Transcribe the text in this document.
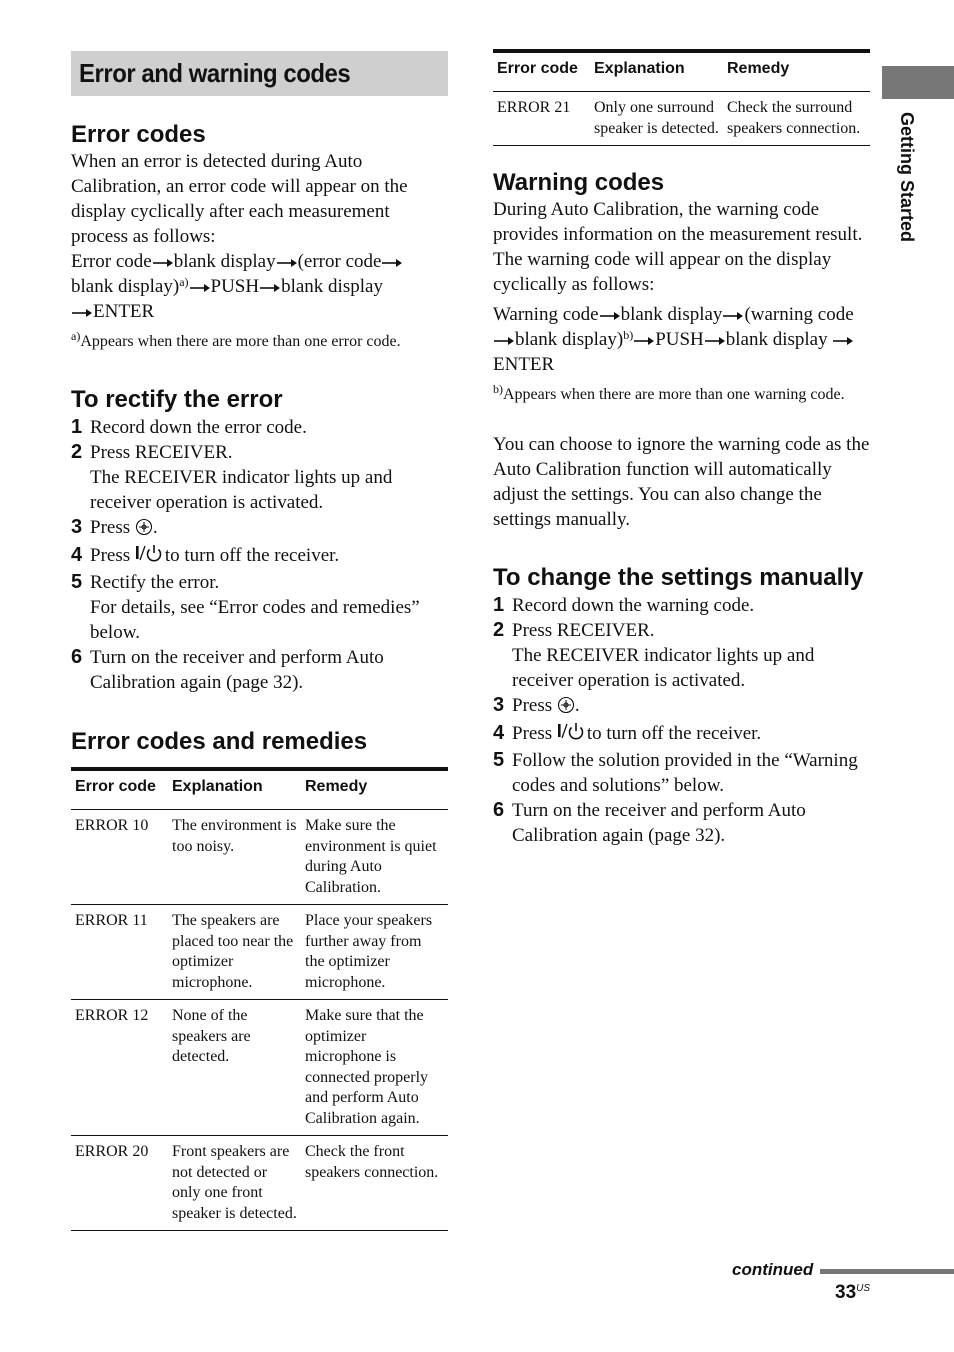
Getting Started
Error and warning codes
Error codes

When an error is detected during Auto Calibration, an error code will appear on the display cyclically after each measurement process as follows:

Error code blank display (error code blank display)$^{a)}$ PUSH blank display
ENTER

$^{a)}$Appears when there are more than one error code.
To rectify the error
1 Record down the error code.
2 Press RECEIVER.
The RECEIVER indicator lights up and receiver operation is activated.
3 Press .
4 Press to turn off the receiver.
5 Rectify the error.
For details, see “Error codes and remedies” below.
6 Turn on the receiver and perform Auto Calibration again (page 32).
Error codes and remedies
Error code	Explanation	Remedy
ERROR 10	The environment is too noisy.	Make sure the environment is quiet during Auto Calibration.
ERROR 11	The speakers are placed too near the optimizer microphone.	Place your speakers further away from the optimizer microphone.
ERROR 12	None of the speakers are detected.	Make sure that the optimizer microphone is connected properly and perform Auto Calibration again.
ERROR 20	Front speakers are not detected or only one front speaker is detected.	Check the front speakers connection.
Error code	Explanation	Remedy
ERROR 21	Only one surround speaker is detected.	Check the surround speakers connection.
Warning codes

During Auto Calibration, the warning code provides information on the measurement result. The warning code will appear on the display cyclically as follows:

Warning code blank display (warning code blank display)$^{b)}$ PUSH blank display ENTER

$^{b)}$Appears when there are more than one warning code.

You can choose to ignore the warning code as the Auto Calibration function will automatically adjust the settings. You can also change the settings manually.

To change the settings manually
1 Record down the warning code.
2 Press RECEIVER.
The RECEIVER indicator lights up and receiver operation is activated.
3 Press .
4 Press to turn off the receiver.
5 Follow the solution provided in the “Warning codes and solutions” below.
6 Turn on the receiver and perform Auto Calibration again (page 32).
continued
$33^{US}$
